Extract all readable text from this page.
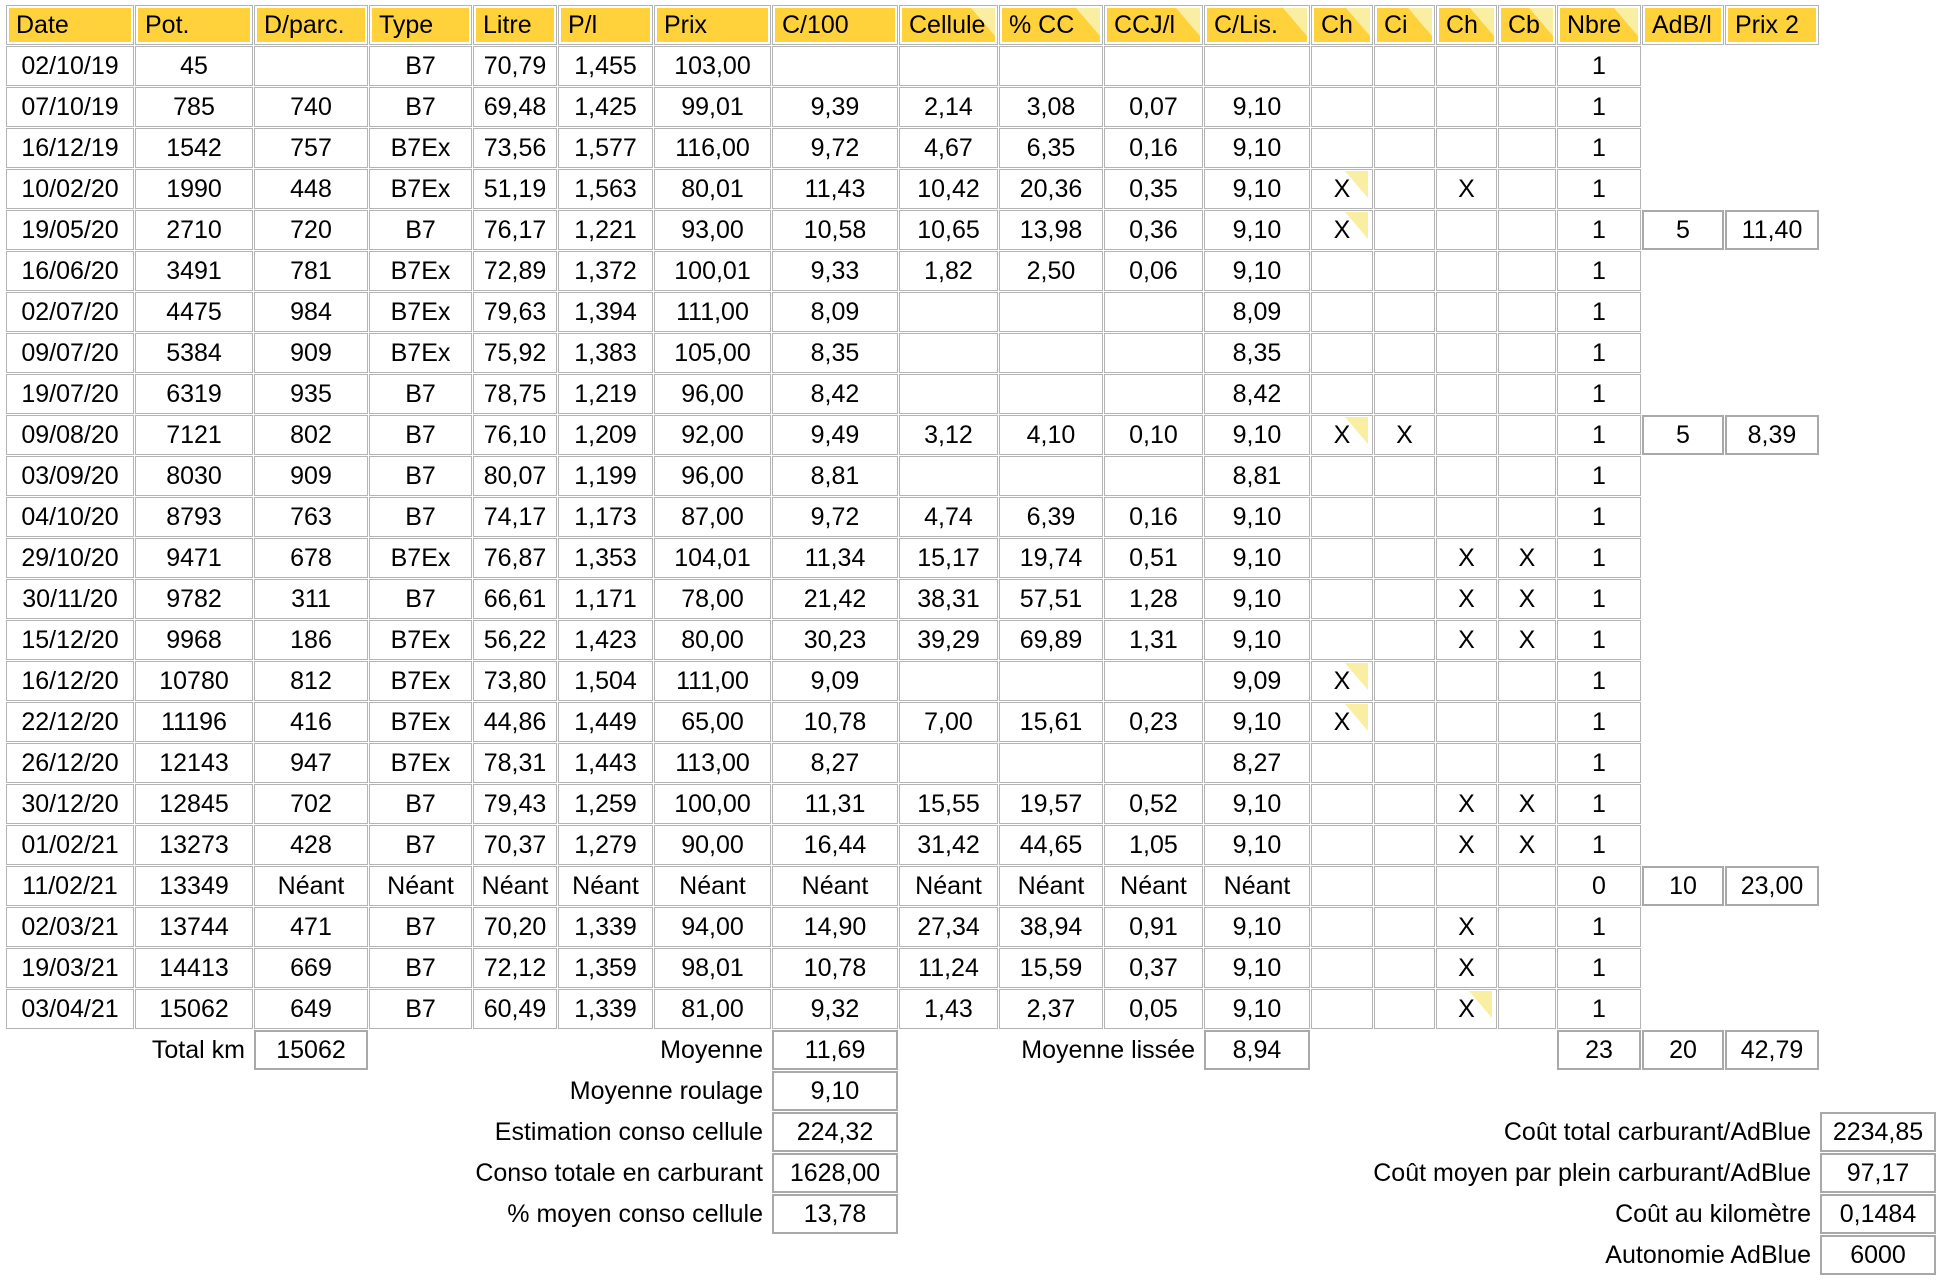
Date	Pot.	D/parc.	Type	Litre	P/l	Prix	C/100	Cellule	% CC	CCJ/l	C/Lis.	Ch	Ci	Ch	Cb	Nbre	AdB/l	Prix 2	

02/10/19	45		B7	70,79	1,455	103,00										1			
07/10/19	785	740	B7	69,48	1,425	99,01	9,39	2,14	3,08	0,07	9,10					1			
16/12/19	1542	757	B7Ex	73,56	1,577	116,00	9,72	4,67	6,35	0,16	9,10					1			
10/02/20	1990	448	B7Ex	51,19	1,563	80,01	11,43	10,42	20,36	0,35	9,10	X		X		1			
19/05/20	2710	720	B7	76,17	1,221	93,00	10,58	10,65	13,98	0,36	9,10	X				1	5	11,40	
16/06/20	3491	781	B7Ex	72,89	1,372	100,01	9,33	1,82	2,50	0,06	9,10					1			
02/07/20	4475	984	B7Ex	79,63	1,394	111,00	8,09				8,09					1			
09/07/20	5384	909	B7Ex	75,92	1,383	105,00	8,35				8,35					1			
19/07/20	6319	935	B7	78,75	1,219	96,00	8,42				8,42					1			
09/08/20	7121	802	B7	76,10	1,209	92,00	9,49	3,12	4,10	0,10	9,10	X	X			1	5	8,39	
03/09/20	8030	909	B7	80,07	1,199	96,00	8,81				8,81					1			
04/10/20	8793	763	B7	74,17	1,173	87,00	9,72	4,74	6,39	0,16	9,10					1			
29/10/20	9471	678	B7Ex	76,87	1,353	104,01	11,34	15,17	19,74	0,51	9,10			X	X	1			
30/11/20	9782	311	B7	66,61	1,171	78,00	21,42	38,31	57,51	1,28	9,10			X	X	1			
15/12/20	9968	186	B7Ex	56,22	1,423	80,00	30,23	39,29	69,89	1,31	9,10			X	X	1			
16/12/20	10780	812	B7Ex	73,80	1,504	111,00	9,09				9,09	X				1			
22/12/20	11196	416	B7Ex	44,86	1,449	65,00	10,78	7,00	15,61	0,23	9,10	X				1			
26/12/20	12143	947	B7Ex	78,31	1,443	113,00	8,27				8,27					1			
30/12/20	12845	702	B7	79,43	1,259	100,00	11,31	15,55	19,57	0,52	9,10			X	X	1			
01/02/21	13273	428	B7	70,37	1,279	90,00	16,44	31,42	44,65	1,05	9,10			X	X	1			
11/02/21	13349	Néant	Néant	Néant	Néant	Néant	Néant	Néant	Néant	Néant	Néant					0	10	23,00	
02/03/21	13744	471	B7	70,20	1,339	94,00	14,90	27,34	38,94	0,91	9,10			X		1			
19/03/21	14413	669	B7	72,12	1,359	98,01	10,78	11,24	15,59	0,37	9,10			X		1			
03/04/21	15062	649	B7	60,49	1,339	81,00	9,32	1,43	2,37	0,05	9,10			X		1			
	Total km	15062				Moyenne	11,69	Moyenne lissée			8,94					23	20	42,79	
Moyenne roulage							9,10												
Estimation conso cellule							224,32	Coût total carburant/AdBlue											2234,85
Conso totale en carburant							1628,00	Coût moyen par plein carburant/AdBlue											97,17
% moyen conso cellule							13,78	Coût au kilomètre											0,1484
Autonomie AdBlue																			6000
